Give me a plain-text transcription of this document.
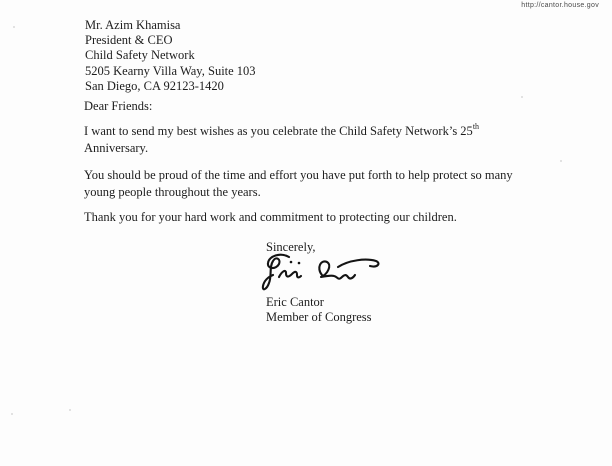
http://cantor.house.gov
Mr. Azim Khamisa
President & CEO
Child Safety Network
5205 Kearny Villa Way, Suite 103
San Diego, CA 92123-1420
Dear Friends:
I want to send my best wishes as you celebrate the Child Safety Network’s 25th
Anniversary.
You should be proud of the time and effort you have put forth to help protect so many
young people throughout the years.
Thank you for your hard work and commitment to protecting our children.
Sincerely,
Eric Cantor
Member of Congress
